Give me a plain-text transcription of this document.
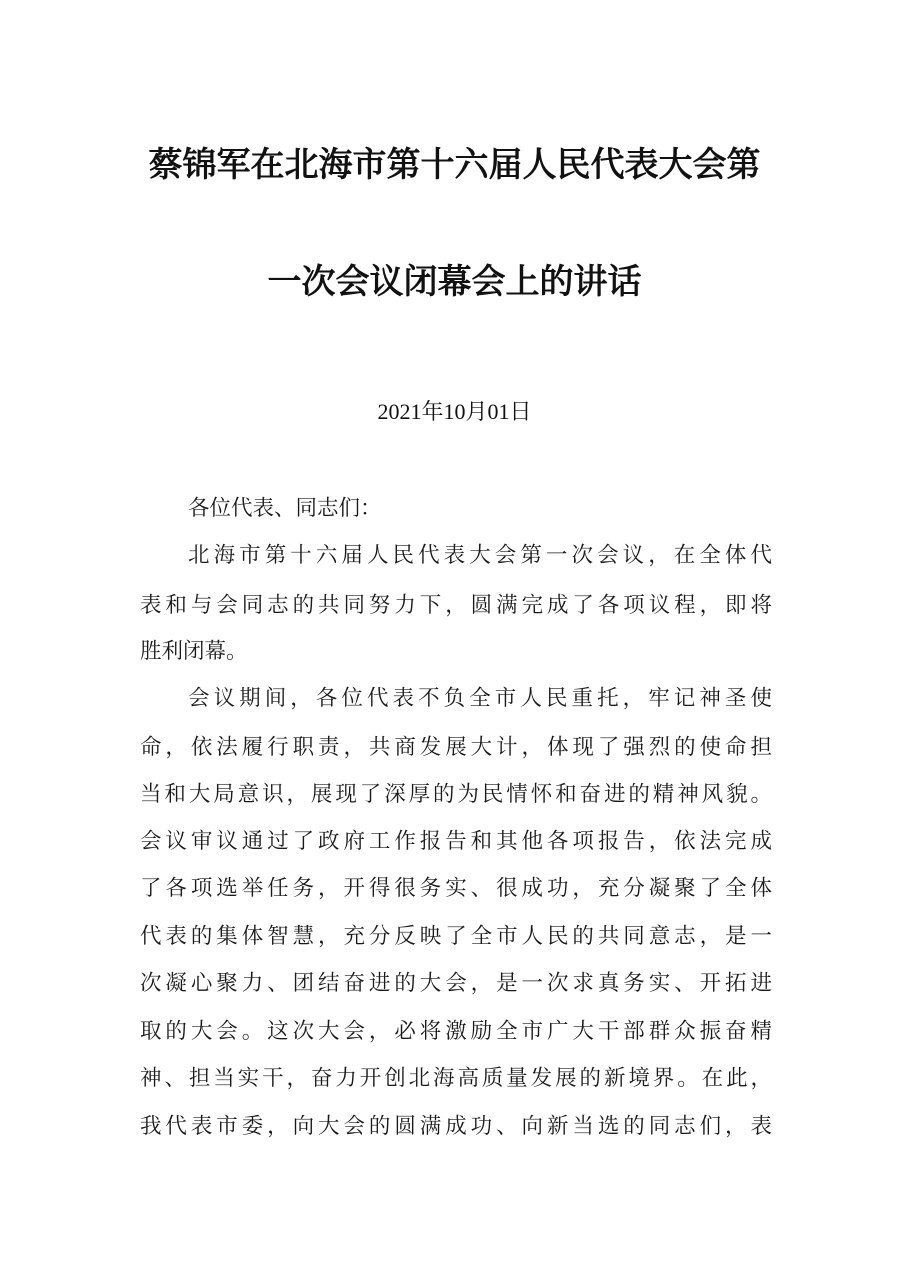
蔡锦军在北海市第十六届人民代表大会第
一次会议闭幕会上的讲话
2021年10月01日
各位代表、同志们：
北海市第十六届人民代表大会第一次会议，在全体代
表和与会同志的共同努力下，圆满完成了各项议程，即将
胜利闭幕。
会议期间，各位代表不负全市人民重托，牢记神圣使
命，依法履行职责，共商发展大计，体现了强烈的使命担
当和大局意识，展现了深厚的为民情怀和奋进的精神风貌。
会议审议通过了政府工作报告和其他各项报告，依法完成
了各项选举任务，开得很务实、很成功，充分凝聚了全体
代表的集体智慧，充分反映了全市人民的共同意志，是一
次凝心聚力、团结奋进的大会，是一次求真务实、开拓进
取的大会。这次大会，必将激励全市广大干部群众振奋精
神、担当实干，奋力开创北海高质量发展的新境界。在此，
我代表市委，向大会的圆满成功、向新当选的同志们，表
